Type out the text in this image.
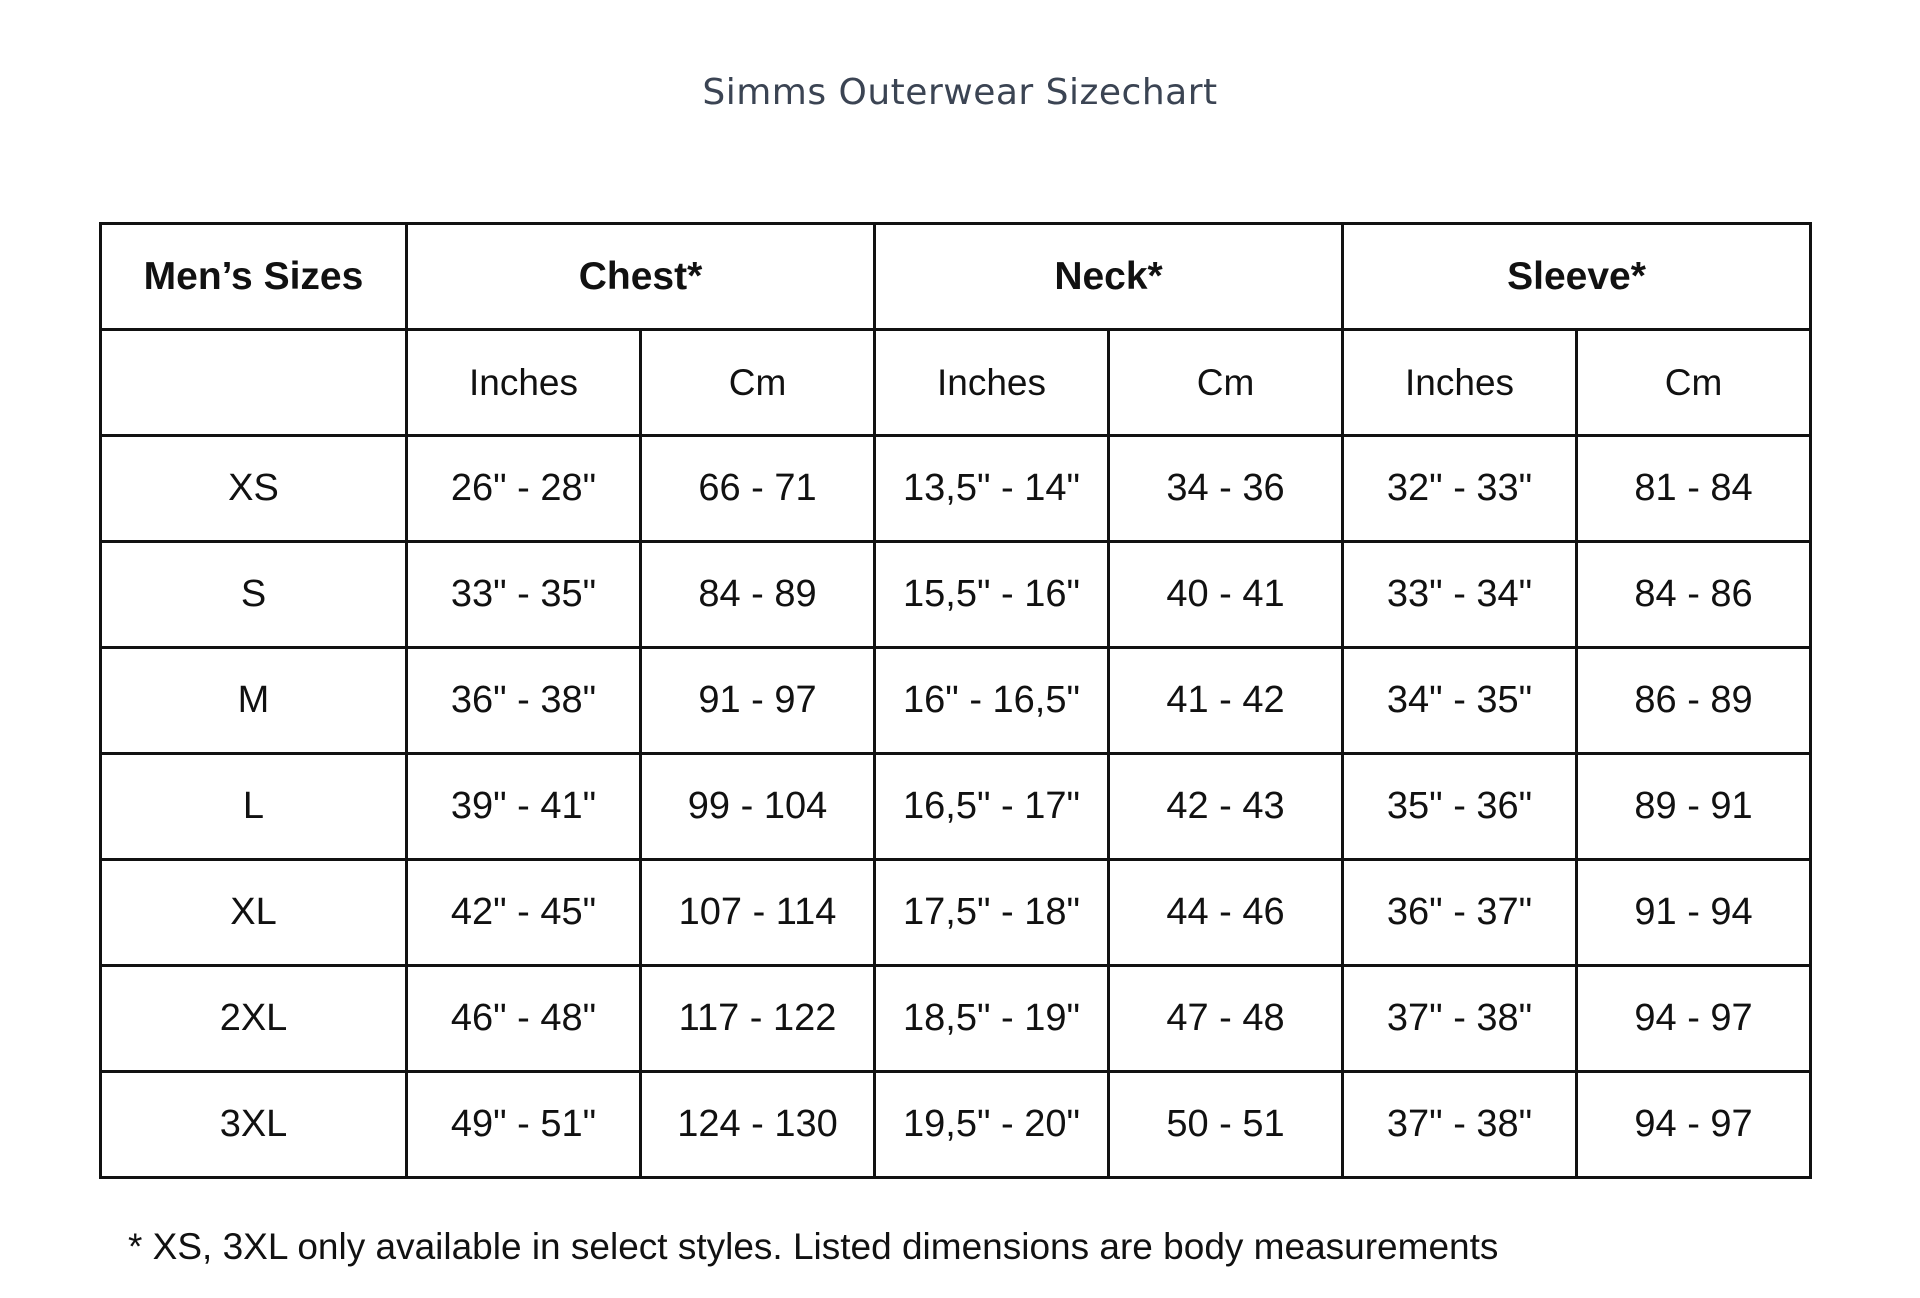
Simms Outerwear Sizechart
Men’s Sizes	Chest*		Neck*		Sleeve*	
	Inches	Cm	Inches	Cm	Inches	Cm
XS	26" - 28"	66 - 71	13,5" - 14"	34 - 36	32" - 33"	81 - 84
S	33" - 35"	84 - 89	15,5" - 16"	40 - 41	33" - 34"	84 - 86
M	36" - 38"	91 - 97	16" - 16,5"	41 - 42	34" - 35"	86 - 89
L	39" - 41"	99 - 104	16,5" - 17"	42 - 43	35" - 36"	89 - 91
XL	42" - 45"	107 - 114	17,5" - 18"	44 - 46	36" - 37"	91 - 94
2XL	46" - 48"	117 - 122	18,5" - 19"	47 - 48	37" - 38"	94 - 97
3XL	49" - 51"	124 - 130	19,5" - 20"	50 - 51	37" - 38"	94 - 97
* XS, 3XL only available in select styles. Listed dimensions are body measurements
